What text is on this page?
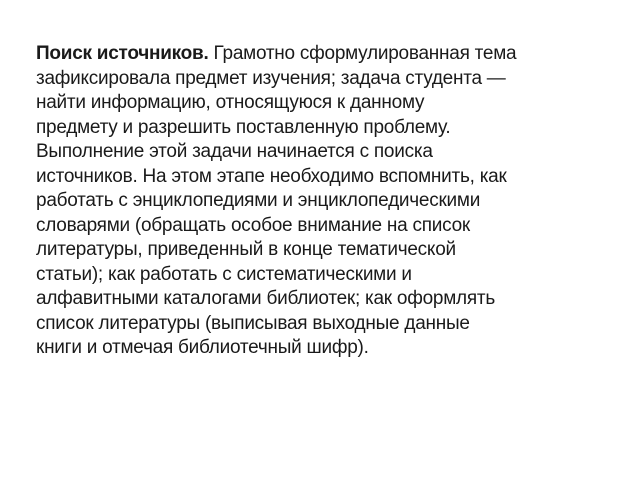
Поиск источников. Грамотно сформулированная тема
зафиксировала предмет изучения; задача студента —
найти информацию, относящуюся к данному
предмету и разрешить поставленную проблему.
Выполнение этой задачи начинается с поиска
источников. На этом этапе необходимо вспомнить, как
работать с энциклопедиями и энциклопедическими
словарями (обращать особое внимание на список
литературы, приведенный в конце тематической
статьи); как работать с систематическими и
алфавитными каталогами библиотек; как оформлять
список литературы (выписывая выходные данные
книги и отмечая библиотечный шифр).
